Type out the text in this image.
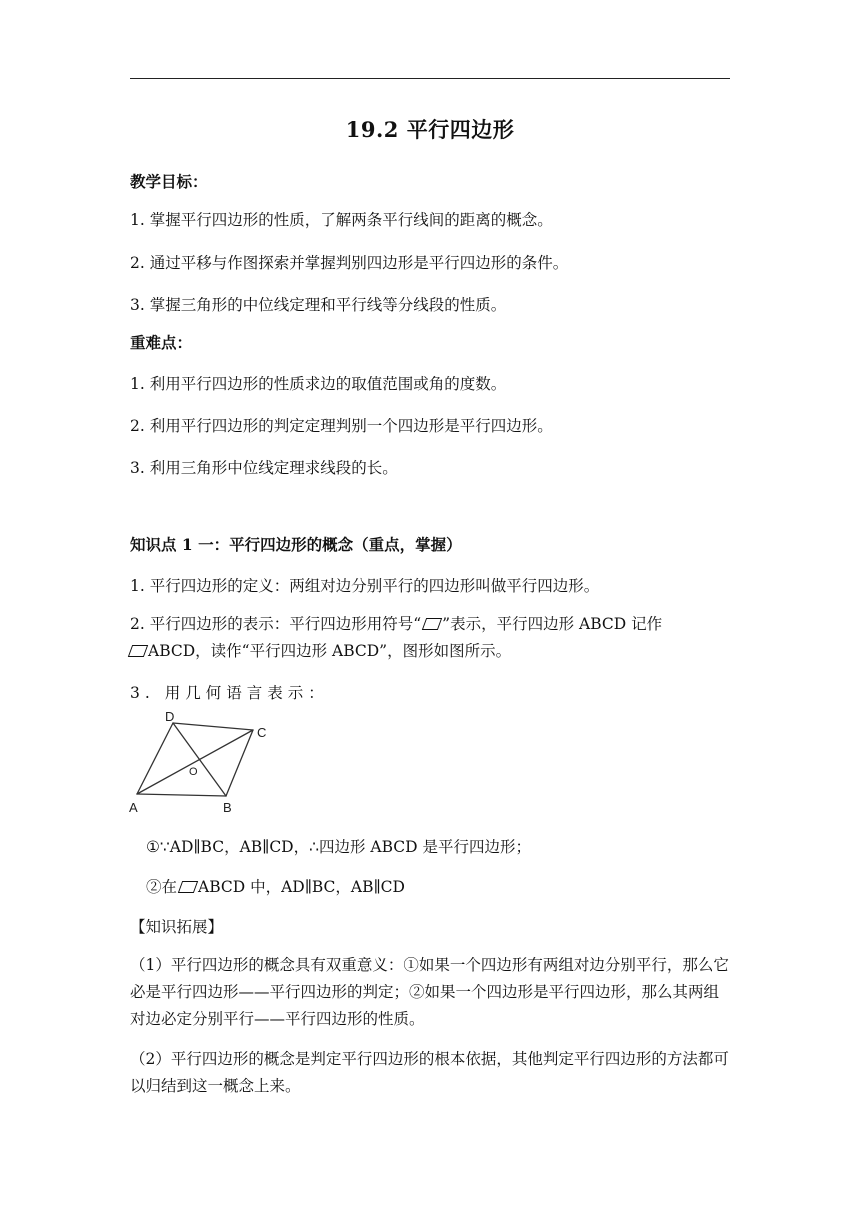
19.2 平行四边形
教学目标：
1. 掌握平行四边形的性质，了解两条平行线间的距离的概念。
2. 通过平移与作图探索并掌握判别四边形是平行四边形的条件。
3. 掌握三角形的中位线定理和平行线等分线段的性质。
重难点：
1. 利用平行四边形的性质求边的取值范围或角的度数。
2. 利用平行四边形的判定定理判别一个四边形是平行四边形。
3. 利用三角形中位线定理求线段的长。
知识点 1 一：平行四边形的概念（重点，掌握）
1. 平行四边形的定义：两组对边分别平行的四边形叫做平行四边形。
2. 平行四边形的表示：平行四边形用符号“ ”表示，平行四边形 ABCD 记作
ABCD，读作“平行四边形 ABCD”，图形如图所示。
3. 用几何语言表示：
D
C
O
A	B
①∵AD∥BC，AB∥CD，∴四边形 ABCD 是平行四边形；
②在 ABCD 中，AD∥BC，AB∥CD
【知识拓展】
（1）平行四边形的概念具有双重意义：①如果一个四边形有两组对边分别平行，那么它必是平行四边形——平行四边形的判定；②如果一个四边形是平行四边形，那么其两组对边必定分别平行——平行四边形的性质。
（2）平行四边形的概念是判定平行四边形的根本依据，其他判定平行四边形的方法都可以归结到这一概念上来。
